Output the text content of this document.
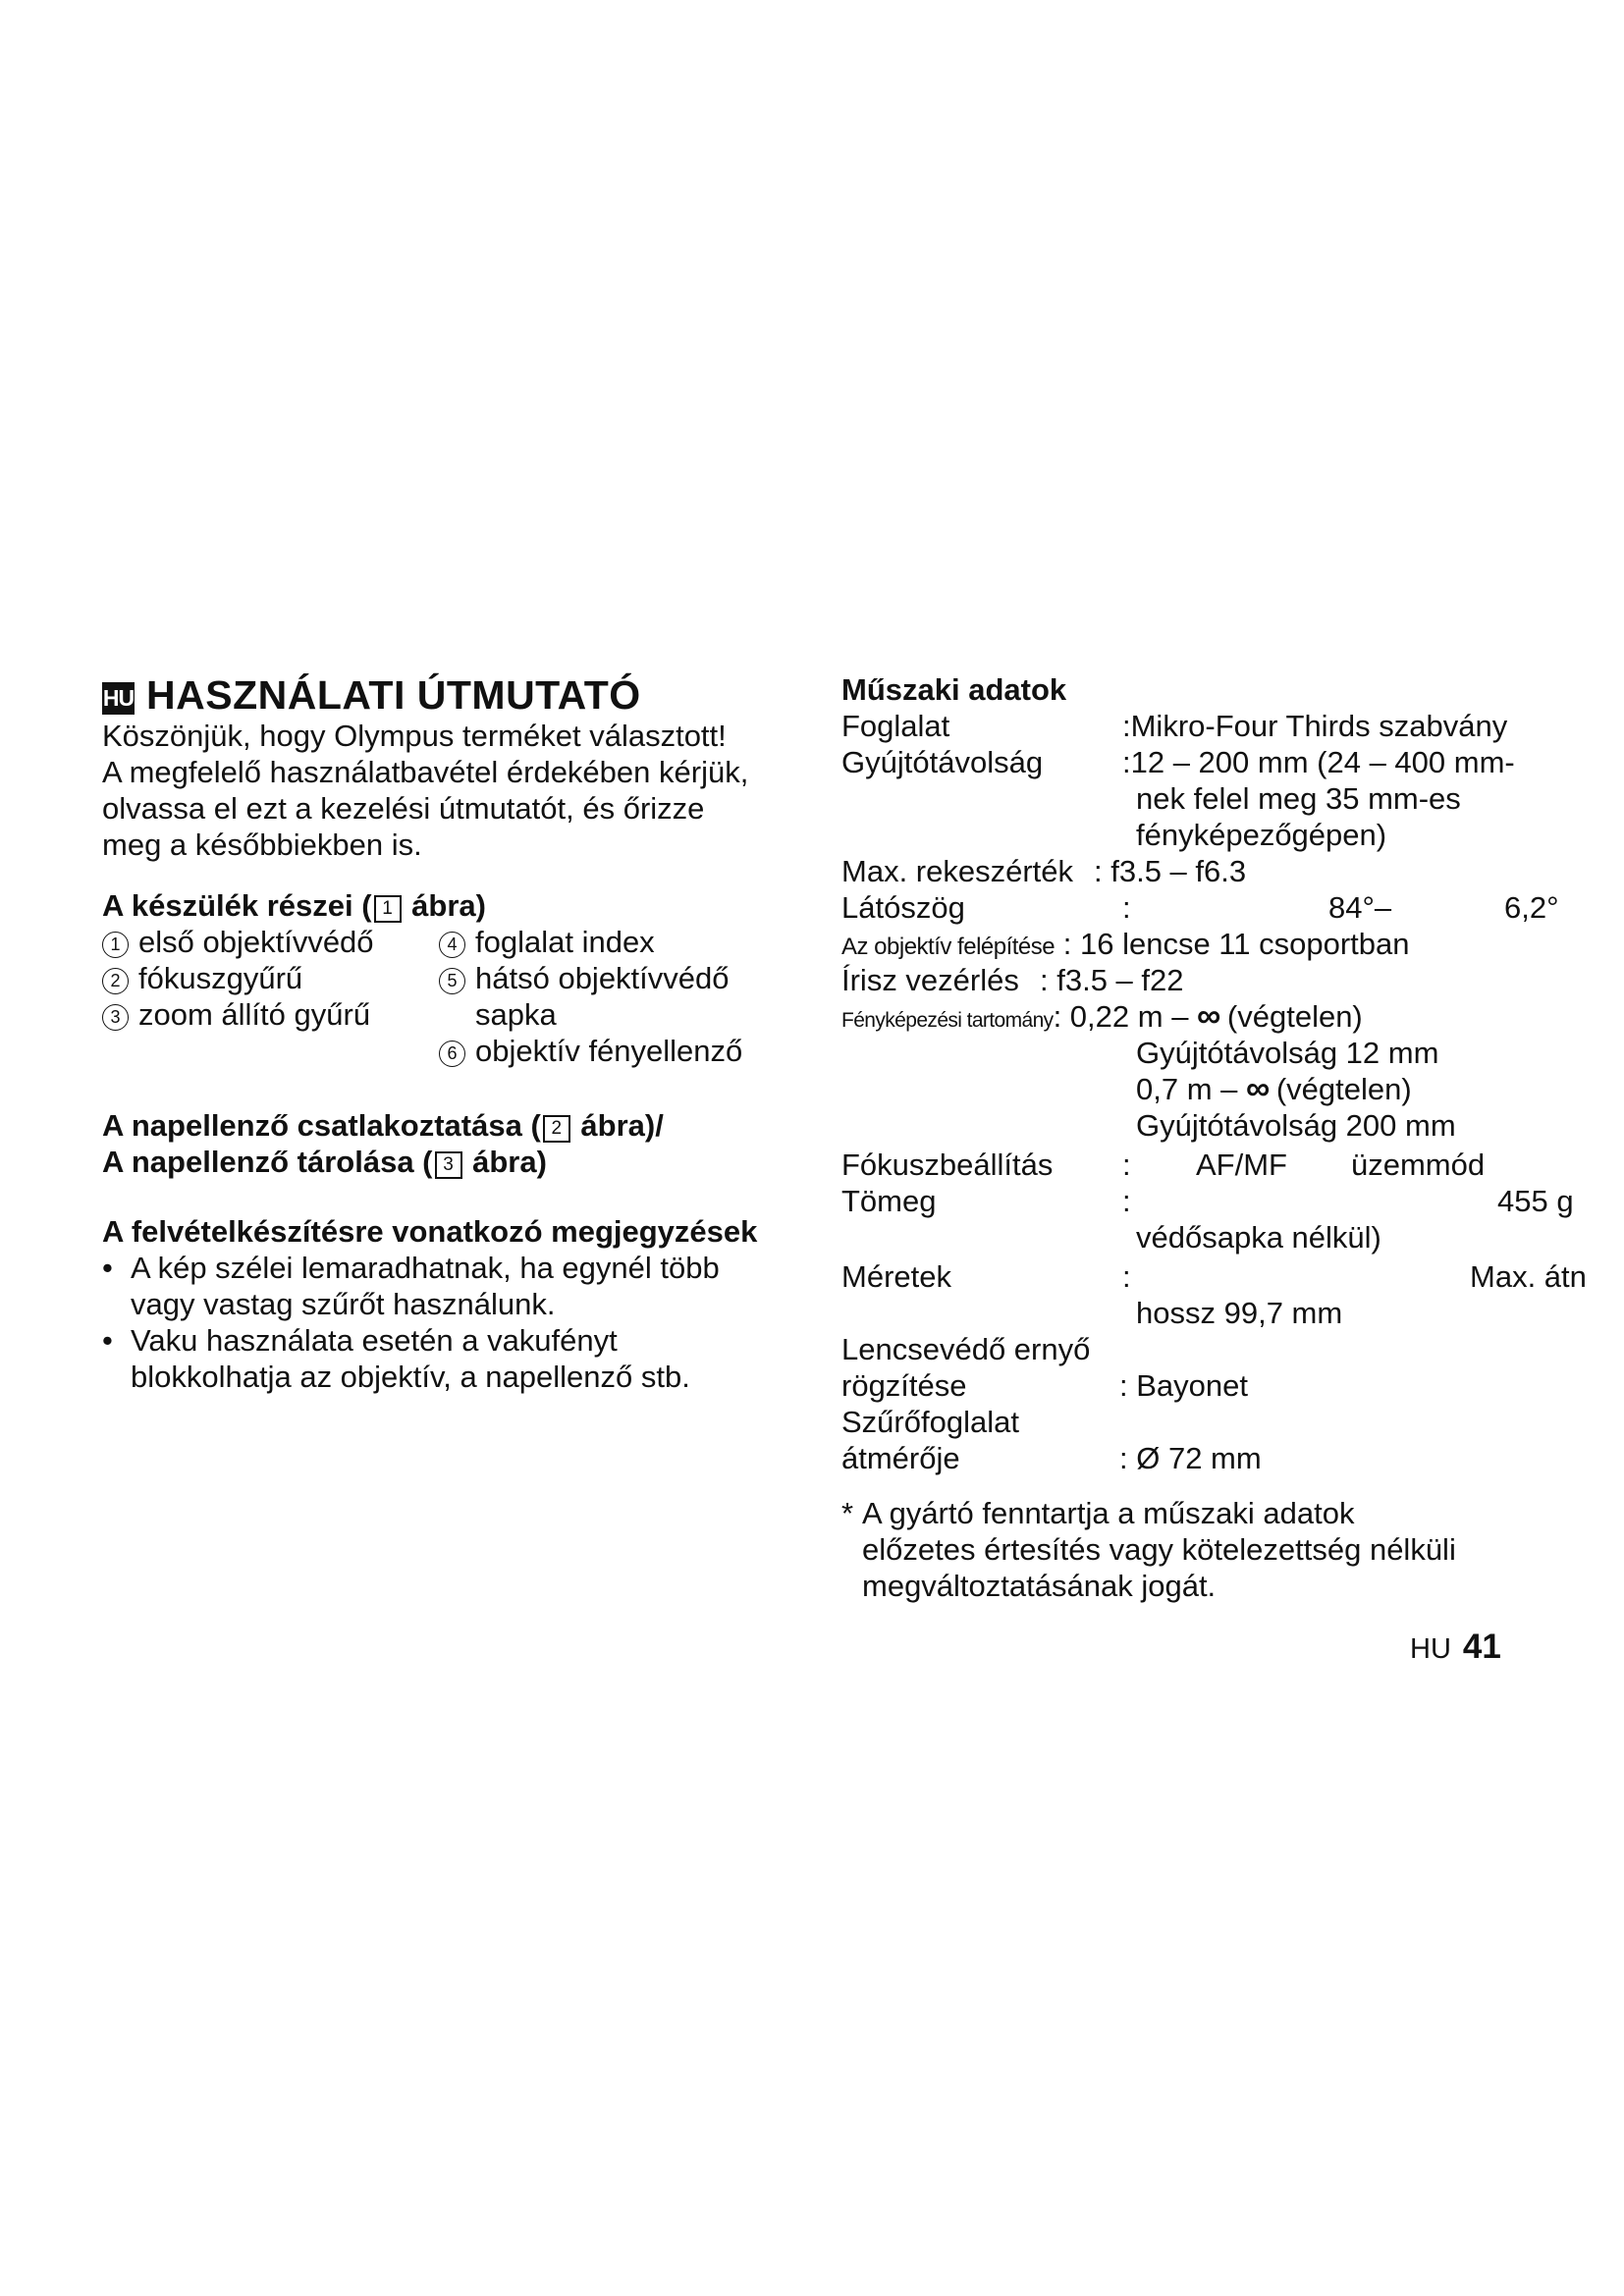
HU HASZNÁLATI ÚTMUTATÓ
Köszönjük, hogy Olympus terméket választott!
A megfelelő használatbavétel érdekében kérjük,
olvassa el ezt a kezelési útmutatót, és őrizze
meg a későbbiekben is.
A készülék részei ( 1 ábra)
1 első objektívvédő
2 fókuszgyűrű
3 zoom állító gyűrű
4 foglalat index
5 hátsó objektívvédő
sapka
6 objektív fényellenző
A napellenző csatlakoztatása ( 2 ábra)/
A napellenző tárolása ( 3 ábra)
A felvételkészítésre vonatkozó megjegyzések
• A kép szélei lemaradhatnak, ha egynél több
vagy vastag szűrőt használunk.
• Vaku használata esetén a vakufényt
blokkolhatja az objektív, a napellenző stb.
Műszaki adatok
Foglalat	:Mikro-Four Thirds szabvány
Gyújtótávolság	:12 – 200 mm (24 – 400 mm-
nek felel meg 35 mm-es
fényképezőgépen)
Max. rekeszérték : f3.5 – f6.3
Látószög	:	84°–	6,2°
Az objektív felépítése : 16 lencse 11 csoportban
Írisz vezérlés : f3.5 – f22
Fényképezési tartomány: 0,22 m – ∞ (végtelen)
Gyújtótávolság 12 mm
0,7 m – ∞ (végtelen)
Gyújtótávolság 200 mm
Fókuszbeállítás : AF/MF üzemmód
Tömeg	:	455 g
védősapka nélkül)
Méretek	:	Max. átn
hossz 99,7 mm
Lencsevédő ernyő
rögzítése	: Bayonet
Szűrőfoglalat
átmérője	: Ø 72 mm
* A gyártó fenntartja a műszaki adatok
előzetes értesítés vagy kötelezettség nélküli
megváltoztatásának jogát.
HU 41
